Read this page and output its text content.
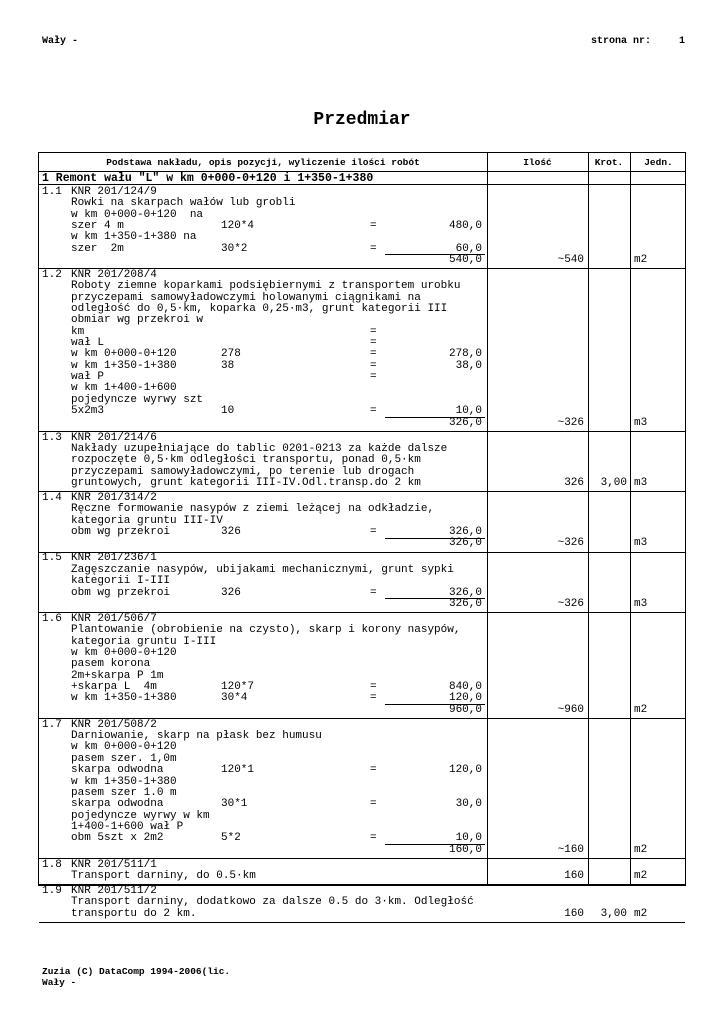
Wały -	strona nr:	1
Przedmiar
Podstawa nakładu, opis pozycji, wyliczenie ilości robót	Ilość	Krot.	Jedn.
1 Remont wału "L" w km 0+000-0+120 i 1+350-1+380
1.1 KNR 201/124/9
Rowki na skarpach wałów lub grobli
w km 0+000-0+120  na
szer 4 m	120*4	=	480,0
w km 1+350-1+380 na
szer  2m	30*2	=	60,0
540,0	~540	m2
1.2 KNR 201/208/4
Roboty ziemne koparkami podsiębiernymi z transportem urobku
przyczepami samowyładowczymi holowanymi ciągnikami na
odległość do 0,5·km, koparka 0,25·m3, grunt kategorii III
obmiar wg przekroi w
km	=
wał L	=
w km 0+000-0+120	278	=	278,0
w km 1+350-1+380	38	=	38,0
wał P	=
w km 1+400-1+600
pojedyncze wyrwy szt
5x2m3	10	=	10,0
326,0	~326	m3
1.3 KNR 201/214/6
Nakłady uzupełniające do tablic 0201-0213 za każde dalsze
rozpoczęte 0,5·km odległości transportu, ponad 0,5·km
przyczepami samowyładowczymi, po terenie lub drogach
gruntowych, grunt kategorii III-IV.Odl.transp.do 2 km	326	3,00 m3
1.4 KNR 201/314/2
Ręczne formowanie nasypów z ziemi leżącej na odkładzie,
kategoria gruntu III-IV
obm wg przekroi	326	=	326,0
326,0	~326	m3
1.5 KNR 201/236/1
Zagęszczanie nasypów, ubijakami mechanicznymi, grunt sypki
kategorii I-III
obm wg przekroi	326	=	326,0
326,0	~326	m3
1.6 KNR 201/506/7
Plantowanie (obrobienie na czysto), skarp i korony nasypów,
kategoria gruntu I-III
w km 0+000-0+120
pasem korona
2m+skarpa P 1m
+skarpa L  4m	120*7	=	840,0
w km 1+350-1+380	30*4	=	120,0
960,0	~960	m2
1.7 KNR 201/508/2
Darniowanie, skarp na płask bez humusu
w km 0+000-0+120
pasem szer. 1,0m
skarpa odwodna	120*1	=	120,0
w km 1+350-1+380
pasem szer 1.0 m
skarpa odwodna	30*1	=	30,0
pojedyncze wyrwy w km
1+400-1+600 wał P
obm 5szt x 2m2	5*2	=	10,0
160,0	~160	m2
1.8 KNR 201/511/1
Transport darniny, do 0.5·km	160	m2
1.9 KNR 201/511/2
Transport darniny, dodatkowo za dalsze 0.5 do 3·km. Odległość
transportu do 2 km.	160	3,00 m2
Zuzia (C) DataComp 1994-2006(lic.
Wały -
